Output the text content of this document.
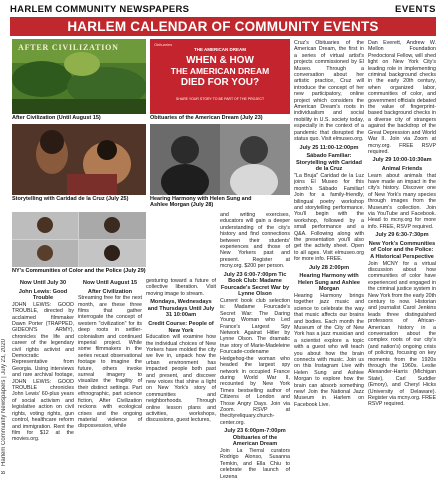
HARLEM COMMUNITY NEWSPAPERS	EVENTS
HARLEM CALENDAR OF COMMUNITY EVENTS
8   Harlem Community Newspapers | July 23, 2020
AFTER CIVILIZATION
After Civilization (Until August 15)
Obituaries
THE AMERICAN DREAM
WHEN & HOW
THE AMERICAN DREAM
DIED FOR YOU?
SHARE YOUR STORY TO BE PART OF THE PROJECT
Obituaries of the American Dream (July 23)
Storytelling with Caridad de la Cruz (July 25)	Hearing Harmony with Helen Sung and
Ashlee Morgan (July 28)
NY's Communities of Color and the Police (July 29)
Now Until July 30
John Lewis: Good Trouble

JOHN LEWIS: GOOD TROUBLE, directed by acclaimed filmmaker Dawn Porter (TRAPPED, GIDEON'S ARMY), chronicles the life and career of the legendary civil rights activist and Democratic Representative from Georgia. Using interviews and rare archival footage, JOHN LEWIS: GOOD TROUBLE chronicles John Lewis' 60-plus years of social activism and legislative action on civil rights, voting rights, gun control, healthcare reform and immigration. Rent the film for $12 at the movies.org.

Now Until August 15
After Civilization

Streaming free for the next month, are these three films that gather interrogate the concept of western "civilization" for its deep roots in settler-colonialism and continued imperial project. While some filmmakers in the series recast observational footage to imagine the future, others invoke surreal imagery to visualize the fragility of their distinct settings. Part ethnographic, part science fiction, After Civilization reckons with ecological crises and the ongoing material violence of dispossession, while

gesturing toward a future of collective liberation. Visit moving image to stream.

Mondays, Wednesdays and Thursdays Until July 31 10:00am
Credit Course: People of New York

Education will examine how the individual choices of New Yorkers have molded the city we live in, unpack how the urban environment has impacted people both past and present, and discover new voices that shine a light on New York's story of communities and neighborhoods. Through online lesson plans and activities, workshops, discussions, guest lectures,

and writing exercises, educators will gain a deeper understanding of the city's history and find connections between their students' experiences and those of New Yorkers past and present. Register at mcny.org. $200 per person.

July 23 6:00-7:00pm Tic Book Club: Madame Fourcade's Secret War by Lynne Olson

Current book club selection is: Madame Fourcade's Secret War: The Daring Young Woman who Led France's Largest Spy Network Against Hitler by Lynne Olson. The dramatic true story of Marie-Madeleine Fourcade-codename Hedgehog-the woman who headed the largest spy network in occupied France during World War II, recounted by New York Times bestselling author of Citizens of London and Those Angry Days. Join via Zoom. RSVP at thecityreliquary.church-center.org.

July 23 6:00pm-7:00pm Obituaries of the American Dream

Join La Tierral curators Rodrigo Alonso, Susanna Temkin, and Ella Chiu to celebrate the launch of Lezena

Cruz's Obituaries of the American Dream, the first in a series of virtual artist's projects commissioned by El Museo. Through a conversation about her artistic practice, Cruz will introduce the concept of her new participatory, online project which considers the American Dream's roots in individualism and social mobility in U.S. society today, especially in the context of a pandemic that disrupted the status quo. Visit elmuseo.org.

July 25 11:00-12:00pm
Sábado Familiar: Storytelling with Caridad de la Cruz

"La Bruja" Caridad de la Luz joins El Museo for this month's Sábado Familiar! Join for a family-friendly, bilingual poetry workshop and storytelling performance. You'll begin with the workshop, followed by a small performance and a Q&A. Following along with the presentation you'll also get the activity sheet. Open to all ages. Visit elmuseo.org for more info. FREE.

July 28 2:00pm
Hearing Harmony with Helen Sung and Ashlee Morgan

Hearing Harmony brings together jazz music and science to celebrate the way that music affects our brains and bodies. Each month the Museum of the City of New York has a jazz musician and a scientist explore a topic with a guest who will teach you about how the brain connects with music. Join us on this Instagram Live with Helen Sung and Ashlee Morgan to explore how the brain can absorb something new! Join the National Jazz Museum in Harlem on Facebook Live.

Dan Everett, Andrew W. Mellon Foundation Predoctoral Fellow, will shed light on New York City's leading role in implementing criminal background checks in the early 20th century, when organized labor, communities of color, and government officials debated the value of fingerprint-based background checks in a diverse city of strangers against the backdrop of the Great Depression and World War II. Join via Zoom at mcny.org. FREE RSVP required.

July 29 10:00-10:30am
Animal Friends

Learn about animals that have made an impact in the city's history. Discover one of New York's many species through images from the Museum's collection. Join via YouTube and Facebook. Head to mcny.org for more info. FREE, RSVP required.

July 29 6:30-7:30pm
New York's Communities of Color and the Police: A Historical Perspective

Join MCNY for a virtual discussion about how communities of color have experienced and engaged in the criminal justice system in New York from the early 20th century to now. Historian and journalist Carol Jenkins leads three distinguished professors of African-American history in a conversation about the complex roots of our city's (and nation's) ongoing crisis of policing, focusing on key moments from the 1920s through the 1960s. Leslie Alexander-Harris (Michigan State), Carl Suddler (Emory), and Cheryl Hicks (University of Delaware). Register via mcny.org. FREE RSVP required.
